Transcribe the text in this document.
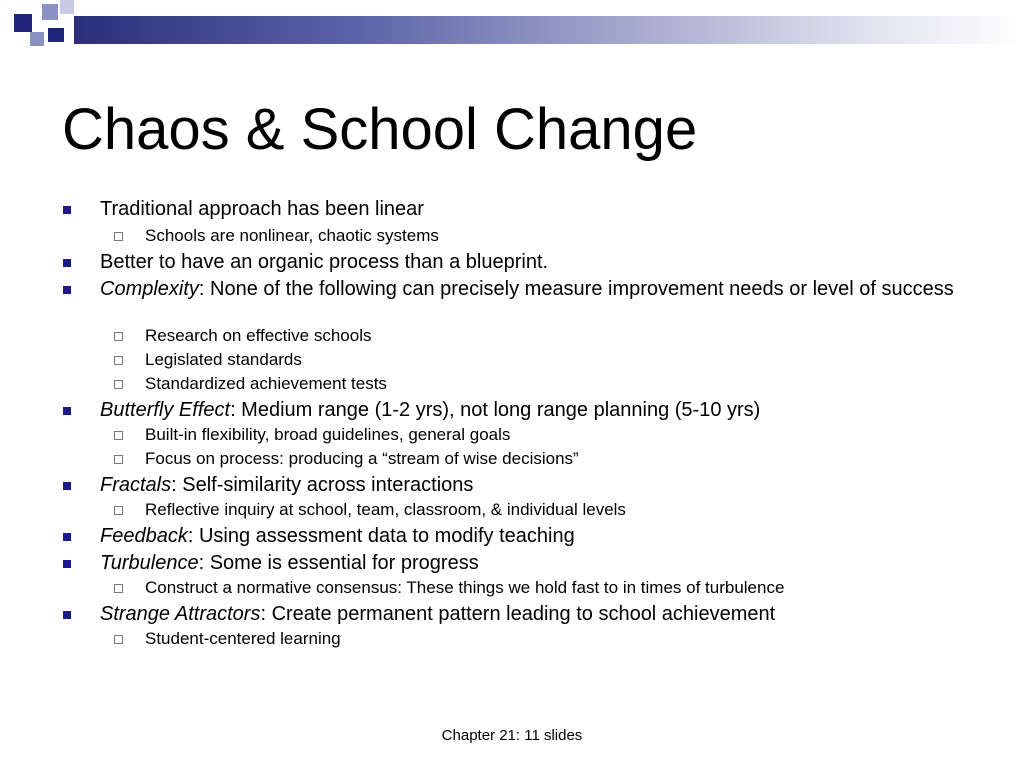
Chaos & School Change
Traditional approach has been linear
Schools are nonlinear, chaotic systems
Better to have an organic process than a blueprint.
Complexity: None of the following can precisely measure improvement needs or level of success
Research on effective schools
Legislated standards
Standardized achievement tests
Butterfly Effect: Medium range (1-2 yrs), not long range planning (5-10 yrs)
Built-in flexibility, broad guidelines, general goals
Focus on process: producing a “stream of wise decisions”
Fractals: Self-similarity across interactions
Reflective inquiry at school, team, classroom, & individual levels
Feedback: Using assessment data to modify teaching
Turbulence: Some is essential for progress
Construct a normative consensus: These things we hold fast to in times of turbulence
Strange Attractors: Create permanent pattern leading to school achievement
Student-centered learning
Chapter 21: 11 slides
